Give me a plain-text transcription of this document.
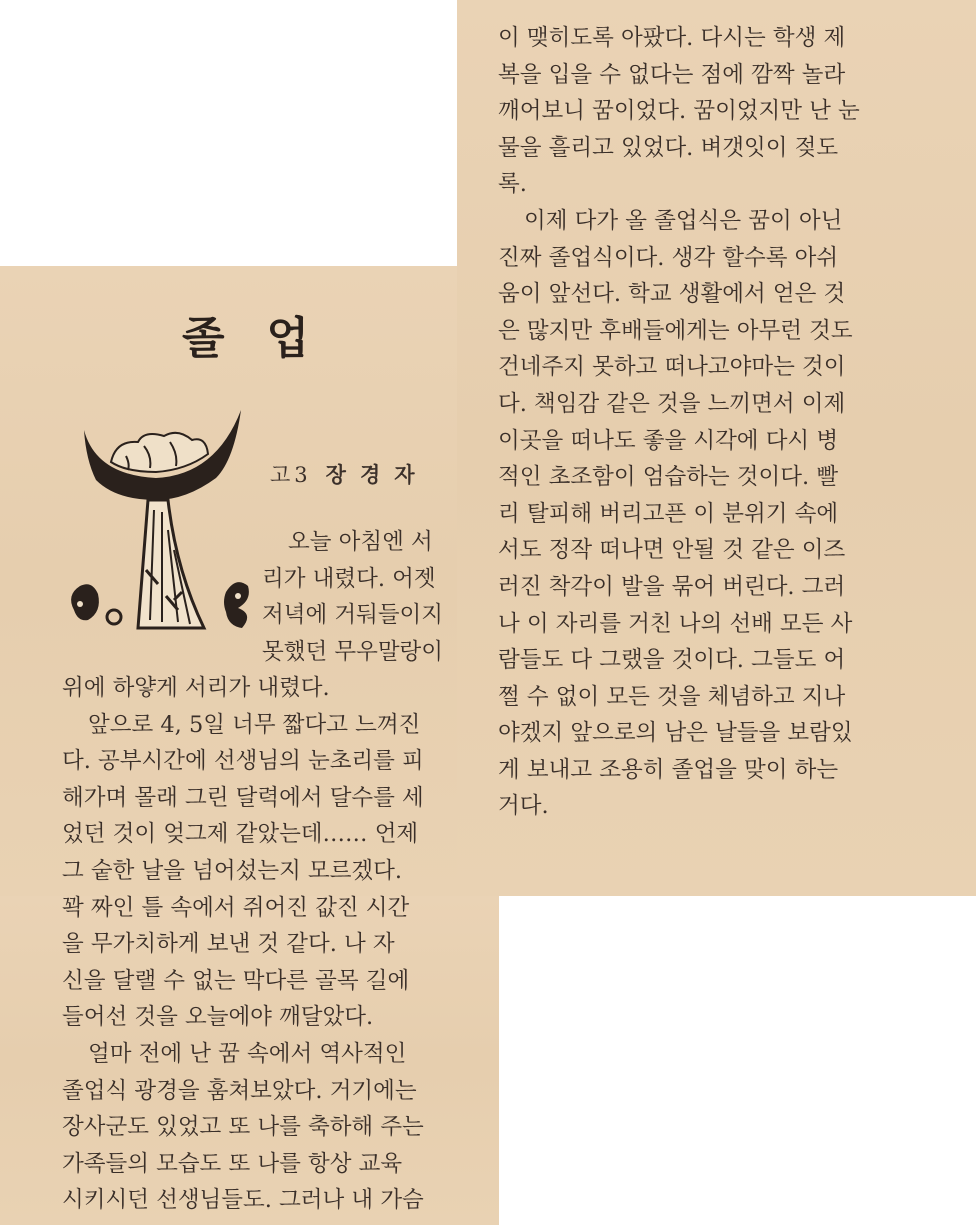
졸업
고3 장경자
오늘 아침엔 서
리가 내렸다. 어젯
저녁에 거둬들이지
못했던 무우말랑이
위에 하얗게 서리가 내렸다.
앞으로 4, 5일 너무 짧다고 느껴진
다. 공부시간에 선생님의 눈초리를 피
해가며 몰래 그린 달력에서 달수를 세
었던 것이 엊그제 같았는데…… 언제
그 숱한 날을 넘어섰는지 모르겠다.
꽉 짜인 틀 속에서 쥐어진 값진 시간
을 무가치하게 보낸 것 같다. 나 자
신을 달랠 수 없는 막다른 골목 길에
들어선 것을 오늘에야 깨달았다.
얼마 전에 난 꿈 속에서 역사적인
졸업식 광경을 훔쳐보았다. 거기에는
장사군도 있었고 또 나를 축하해 주는
가족들의 모습도 또 나를 항상 교육
시키시던 선생님들도. 그러나 내 가슴
이 맺히도록 아팠다. 다시는 학생 제
복을 입을 수 없다는 점에 깜짝 놀라
깨어보니 꿈이었다. 꿈이었지만 난 눈
물을 흘리고 있었다. 벼갯잇이 젖도
록.
이제 다가 올 졸업식은 꿈이 아닌
진짜 졸업식이다. 생각 할수록 아쉬
움이 앞선다. 학교 생활에서 얻은 것
은 많지만 후배들에게는 아무런 것도
건네주지 못하고 떠나고야마는 것이
다. 책임감 같은 것을 느끼면서 이제
이곳을 떠나도 좋을 시각에 다시 병
적인 초조함이 엄습하는 것이다. 빨
리 탈피해 버리고픈 이 분위기 속에
서도 정작 떠나면 안될 것 같은 이즈
러진 착각이 발을 묶어 버린다. 그러
나 이 자리를 거친 나의 선배 모든 사
람들도 다 그랬을 것이다. 그들도 어
쩔 수 없이 모든 것을 체념하고 지나
야겠지 앞으로의 남은 날들을 보람있
게 보내고 조용히 졸업을 맞이 하는
거다.
